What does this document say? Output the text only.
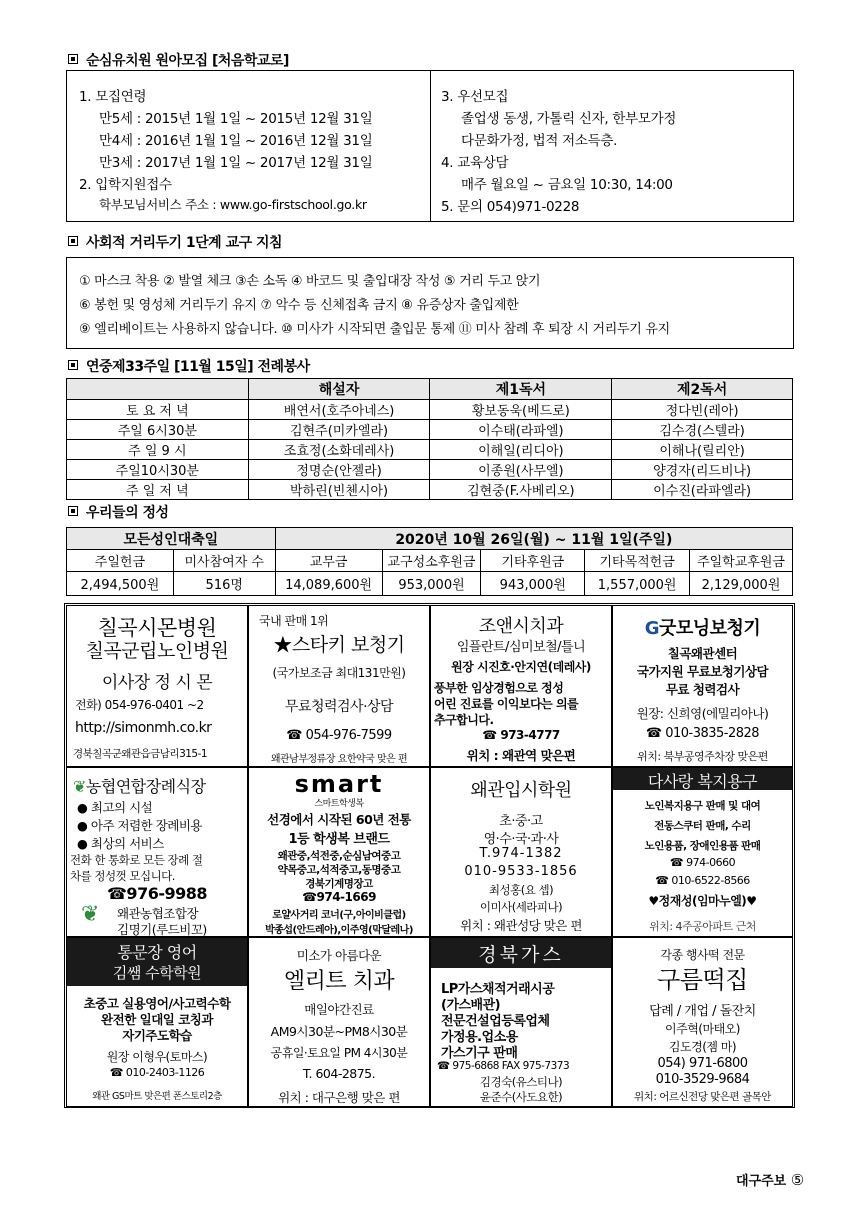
순심유치원 원아모집 [처음학교로]
1. 모집연령
만5세 : 2015년 1월 1일 ~ 2015년 12월 31일
만4세 : 2016년 1월 1일 ~ 2016년 12월 31일
만3세 : 2017년 1월 1일 ~ 2017년 12월 31일
2. 입학지원접수
학부모님서비스 주소 : www.go-firstschool.go.kr
3. 우선모집
졸업생 동생, 가톨릭 신자, 한부모가정
다문화가정, 법적 저소득층.
4. 교육상담
매주 월요일 ~ 금요일 10:30, 14:00
5. 문의 054)971-0228
사회적 거리두기 1단계 교구 지침
① 마스크 착용 ② 발열 체크 ③손 소독 ④ 바코드 및 출입대장 작성 ⑤ 거리 두고 앉기
⑥ 봉헌 및 영성체 거리두기 유지 ⑦ 악수 등 신체접촉 금지 ⑧ 유증상자 출입제한
⑨ 엘리베이트는 사용하지 않습니다. ⑩ 미사가 시작되면 출입문 통제 ⑪ 미사 참례 후 퇴장 시 거리두기 유지
연중제33주일 [11월 15일] 전례봉사
	해설자	제1독서	제2독서
토 요 저 녁	배연서(호주아네스)	황보동욱(베드로)	정다빈(레아)
주일 6시30분	김현주(미카엘라)	이수태(라파엘)	김수경(스텔라)
주 일 9 시	조효정(소화데레사)	이해일(리디아)	이해나(릴리안)
주일10시30분	정명순(안젤라)	이종원(사무엘)	양경자(리드비나)
주 일 저 녁	박하린(빈첸시아)	김현중(F.사베리오)	이수진(라파엘라)
우리들의 정성
모든성인대축일		2020년 10월 26일(월) ~ 11월 1일(주일)				
주일헌금	미사참여자 수	교무금	교구성소후원금	기타후원금	기타목적헌금	주일학교후원금
2,494,500원	516명	14,089,600원	953,000원	943,000원	1,557,000원	2,129,000원
칠곡시몬병원
칠곡군립노인병원
이사장 정 시 몬
전화) 054-976-0401 ~2
http://simonmh.co.kr
경북칠곡군왜관읍금남리315-1
국내 판매 1위
★스타키 보청기
(국가보조금 최대131만원)
무료청력검사·상담
☎ 054-976-7599
왜관남부정류장 요한약국 맞은 편
조앤시치과
임플란트/심미보철/틀니
원장 시진호·안지연(데레사)
풍부한 임상경험으로 정성
어린 진료를 이익보다는 의를
추구합니다.
☎ 973-4777
위치 : 왜관역 맞은편
G굿모닝보청기
칠곡왜관센터
국가지원 무료보청기상담
무료 청력검사
원장: 신희영(에밀리아나)
☎ 010-3835-2828
위치: 북부공영주차장 맞은편
❦농협연합장례식장
● 최고의 시설
● 아주 저렴한 장례비용
● 최상의 서비스
전화 한 통화로 모든 장례 절
차를 정성껏 모십니다.
☎976-9988
❦ 왜관농협조합장
김명기(루드비꼬)
smart
스마트학생복
선경에서 시작된 60년 전통
1등 학생복 브랜드
왜관중,석전중,순심남여중고
약목중고,석적중고,동명중고
경북기계명장고
☎974-1669
로얄사거리 코너(구,아이비클럽)
박종섭(안드레아),이주영(막달레나)
왜관입시학원
초·중·고
영·수·국·과·사
T.974-1382
010-9533-1856
최성홍(요 셉)
이미사(세라피나)
위치 : 왜관성당 맞은 편
다사랑 복지용구
노인복지용구 판매 및 대여
전동스쿠터 판매, 수리
노인용품, 장애인용품 판매
☎ 974-0660
☎ 010-6522-8566
♥정재성(임마누엘)♥
위치: 4주공아파트 근처
통문장 영어
김쌤 수학학원
초중고 실용영어/사고력수학
완전한 일대일 코칭과
자기주도학습
원장 이형우(토마스)
☎ 010-2403-1126
왜관 GS마트 맞은편 폰스토리2층
미소가 아름다운
엘리트 치과
매일야간진료
AM9시30분~PM8시30분
공휴일·토요일 PM 4시30분
T. 604-2875.
위치 : 대구은행 맞은 편
경북가스
LP가스채적거래시공
(가스배관)
전문건설업등록업체
가정용.업소용
가스기구 판매
☎ 975-6868 FAX 975-7373
김경숙(유스티나)
윤준수(사도요한)
각종 행사떡 전문
구름떡집
답례 / 개업 / 돌잔치
이주혁(마태오)
김도경(젬 마)
054) 971-6800
010-3529-9684
위치: 어르신전당 맞은편 골목안
대구주보 ⑤
